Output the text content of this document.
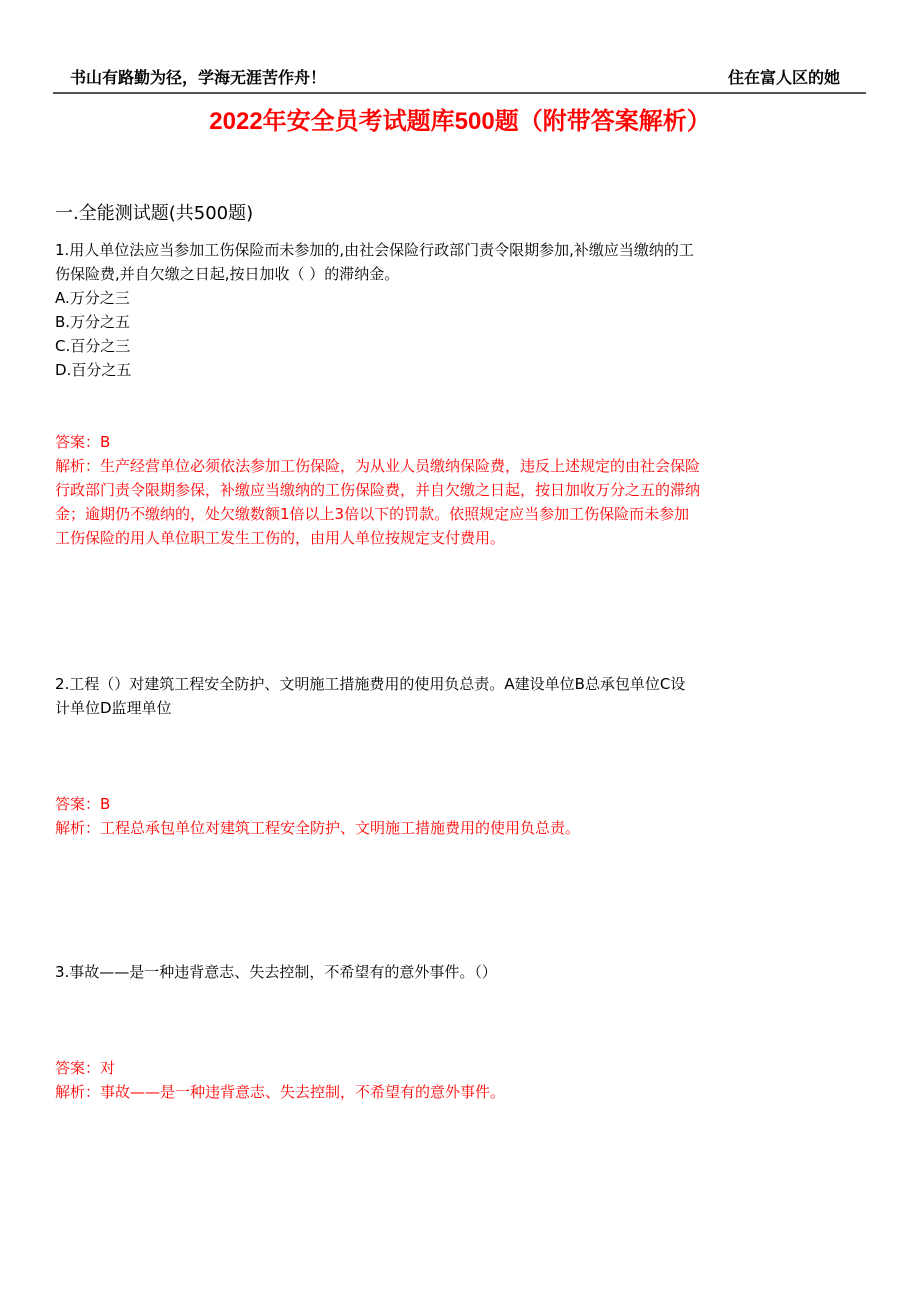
书山有路勤为径，学海无涯苦作舟！	住在富人区的她
2022年安全员考试题库500题（附带答案解析）
一.全能测试题(共500题)
1.用人单位法应当参加工伤保险而未参加的,由社会保险行政部门责令限期参加,补缴应当缴纳的工
伤保险费,并自欠缴之日起,按日加收（ ）的滞纳金。
A.万分之三
B.万分之五
C.百分之三
D.百分之五
答案：B
解析：生产经营单位必须依法参加工伤保险，为从业人员缴纳保险费，违反上述规定的由社会保险
行政部门责令限期参保，补缴应当缴纳的工伤保险费，并自欠缴之日起，按日加收万分之五的滞纳
金；逾期仍不缴纳的，处欠缴数额1倍以上3倍以下的罚款。依照规定应当参加工伤保险而未参加
工伤保险的用人单位职工发生工伤的，由用人单位按规定支付费用。
2.工程（）对建筑工程安全防护、文明施工措施费用的使用负总责。A建设单位B总承包单位C设
计单位D监理单位
答案：B
解析：工程总承包单位对建筑工程安全防护、文明施工措施费用的使用负总责。
3.事故——是一种违背意志、失去控制，不希望有的意外事件。（）
答案：对
解析：事故——是一种违背意志、失去控制，不希望有的意外事件。
